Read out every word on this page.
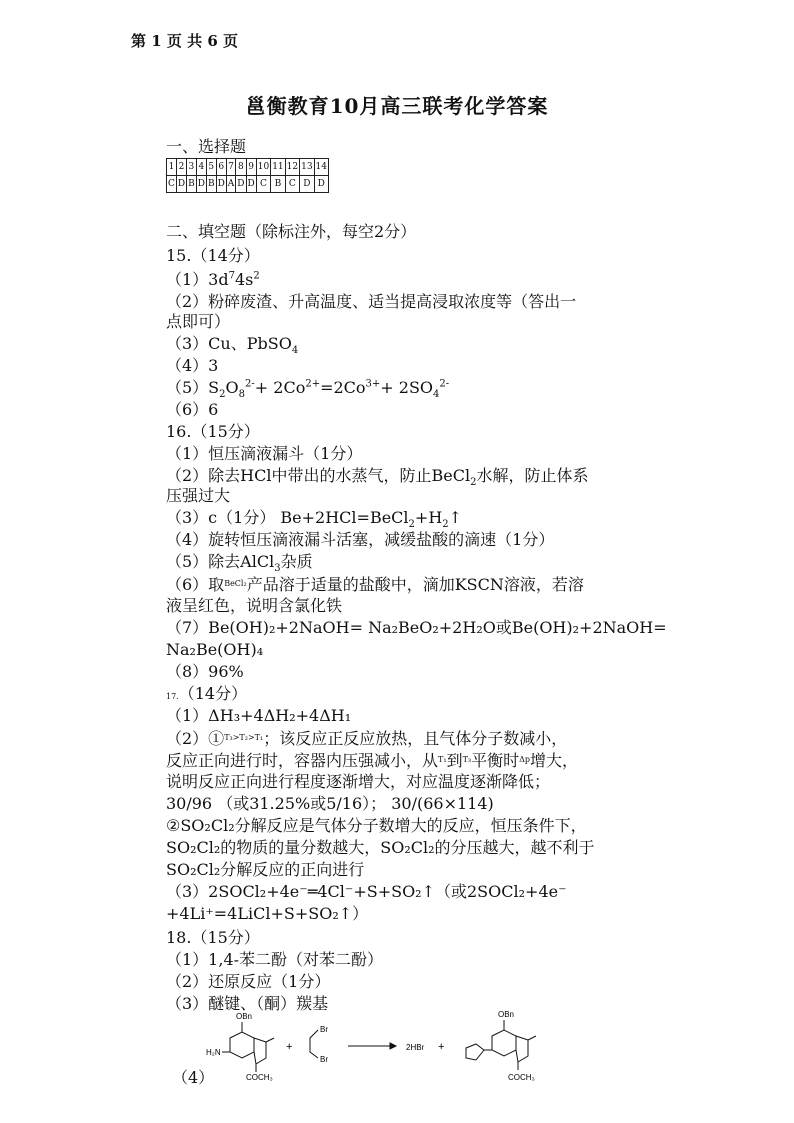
第 1 页 共 6 页
邕衡教育10月高三联考化学答案
一、选择题
1	2	3	4	5	6	7	8	9	10	11	12	13	14
C	D	B	D	B	D	A	D	D	C	B	C	D	D
二、填空题（除标注外，每空2分）
15.（14分）
$(1)3d^74s^2$
（2）粉碎废渣、升高温度、适当提高浸取浓度等（答出一
点即可）
（3）Cu、PbSO$_4$
（4）3
$(5)S_2O_8^{2-}+ 2Co^{2+}=2Co^{3+}+ 2SO_4^{2-}$
（6）6
16.（15分）
（1）恒压滴液漏斗（1分）
（2）除去HCl中带出的水蒸气，防止BeCl$_2$水解，防止体系
压强过大
（3）c（1分） $Be+2HCl=BeCl_2+H_2↑$
（4）旋转恒压滴液漏斗活塞，减缓盐酸的滴速（1分）
（5）除去AlCl$_3$杂质
（6）取$^{BeCl_2}$产品溶于适量的盐酸中，滴加KSCN溶液，若溶
液呈红色，说明含氯化铁
（7）Be(OH)₂+2NaOH= Na₂BeO₂+2H₂O或Be(OH)₂+2NaOH=
Na₂Be(OH)₄
（8）96%
17.（14分）
（1）ΔH₃+4ΔH₂+4ΔH₁
（2）①$^{T_3>T_2>T_1}$；该反应正反应放热，且气体分子数减小，
反应正向进行时，容器内压强减小，从$^{T_1}$到$^{T_3}$平衡时$^{\Delta p}$增大，
说明反应正向进行程度逐渐增大，对应温度逐渐降低；
30/96 （或31.25%或5/16）； 30/(66×114)
②SO₂Cl₂分解反应是气体分子数增大的反应，恒压条件下，
SO₂Cl₂的物质的量分数越大，SO₂Cl₂的分压越大，越不利于
SO₂Cl₂分解反应的正向进行
（3）2SOCl₂+4e⁻═4Cl⁻+S+SO₂↑（或2SOCl₂+4e⁻
+4Li⁺=4LiCl+S+SO₂↑）
18.（15分）
（1）1,4-苯二酚（对苯二酚）
（2）还原反应（1分）
（3）醚键、（酮）羰基
（4）
OBn
H₂N
COCH₃
+
Br
Br
2HBr +
OBn
COCH₃
